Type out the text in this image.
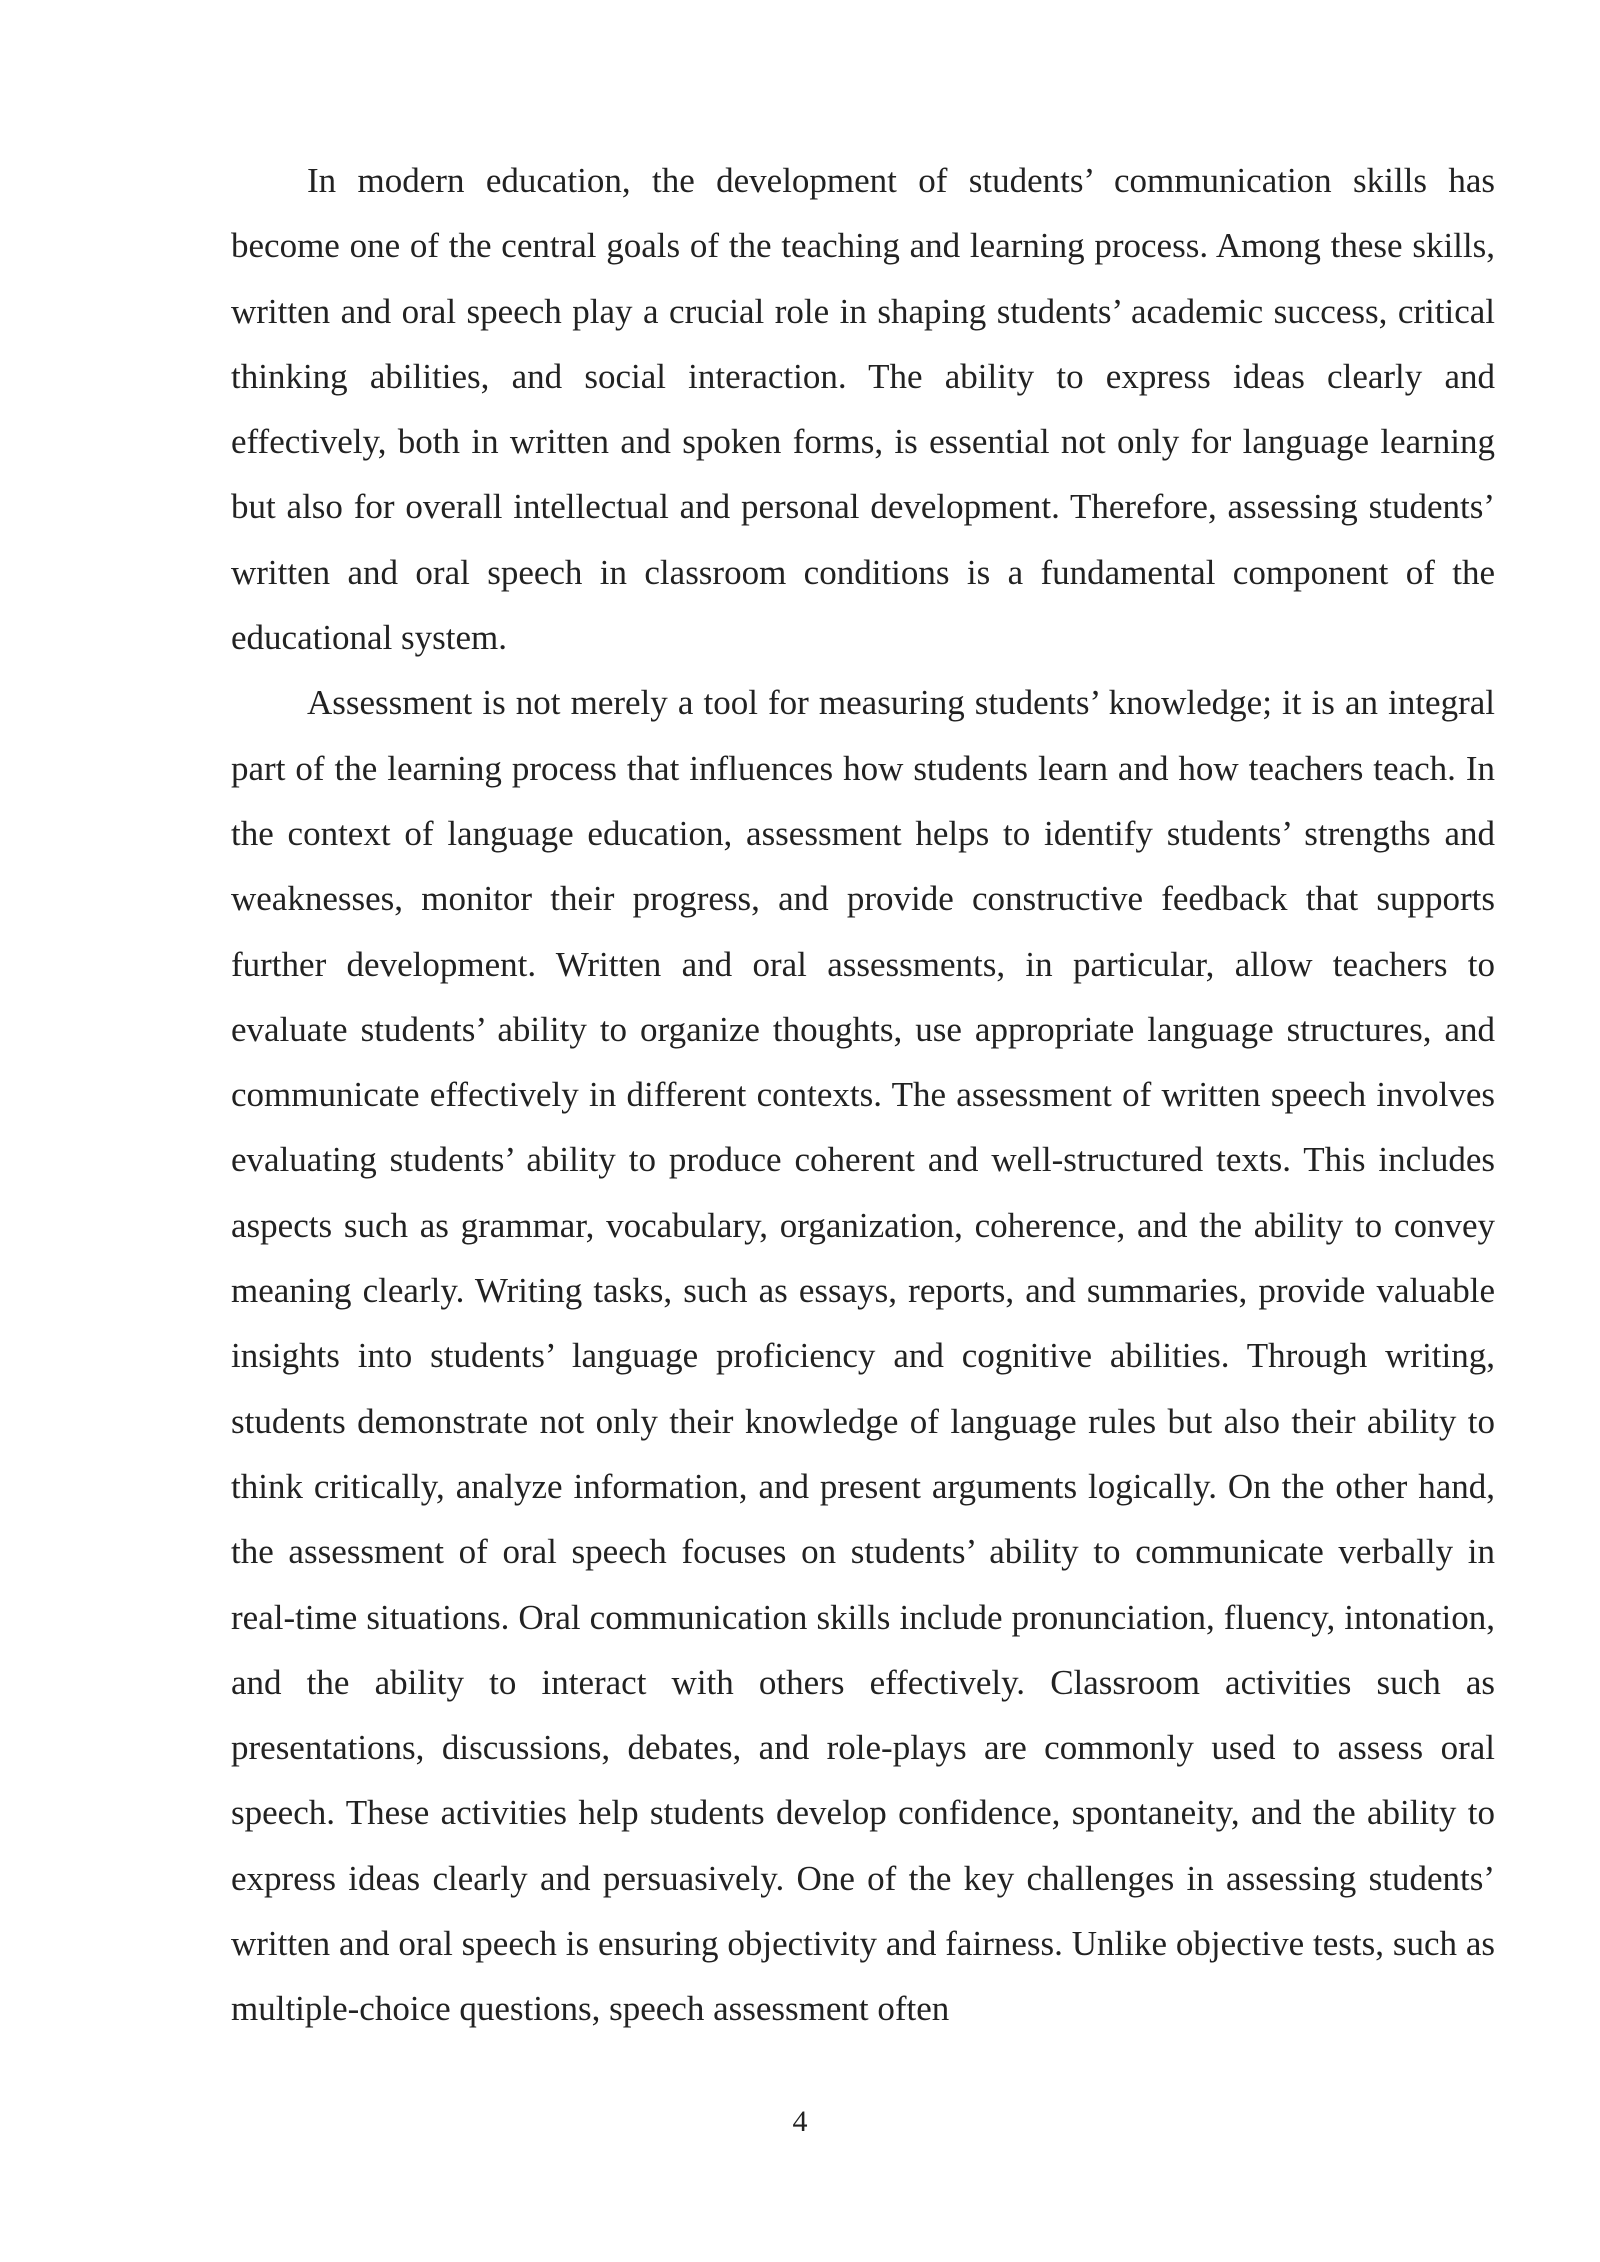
In modern education, the development of students’ communication skills has become one of the central goals of the teaching and learning process. Among these skills, written and oral speech play a crucial role in shaping students’ academic success, critical thinking abilities, and social interaction. The ability to express ideas clearly and effectively, both in written and spoken forms, is essential not only for language learning but also for overall intellectual and personal development. Therefore, assessing students’ written and oral speech in classroom conditions is a fundamental component of the educational system.

Assessment is not merely a tool for measuring students’ knowledge; it is an integral part of the learning process that influences how students learn and how teachers teach. In the context of language education, assessment helps to identify students’ strengths and weaknesses, monitor their progress, and provide constructive feedback that supports further development. Written and oral assessments, in particular, allow teachers to evaluate students’ ability to organize thoughts, use appropriate language structures, and communicate effectively in different contexts. The assessment of written speech involves evaluating students’ ability to produce coherent and well-structured texts. This includes aspects such as grammar, vocabulary, organization, coherence, and the ability to convey meaning clearly. Writing tasks, such as essays, reports, and summaries, provide valuable insights into students’ language proficiency and cognitive abilities. Through writing, students demonstrate not only their knowledge of language rules but also their ability to think critically, analyze information, and present arguments logically. On the other hand, the assessment of oral speech focuses on students’ ability to communicate verbally in real-time situations. Oral communication skills include pronunciation, fluency, intonation, and the ability to interact with others effectively. Classroom activities such as presentations, discussions, debates, and role-plays are commonly used to assess oral speech. These activities help students develop confidence, spontaneity, and the ability to express ideas clearly and persuasively. One of the key challenges in assessing students’ written and oral speech is ensuring objectivity and fairness. Unlike objective tests, such as multiple-choice questions, speech assessment often

4
